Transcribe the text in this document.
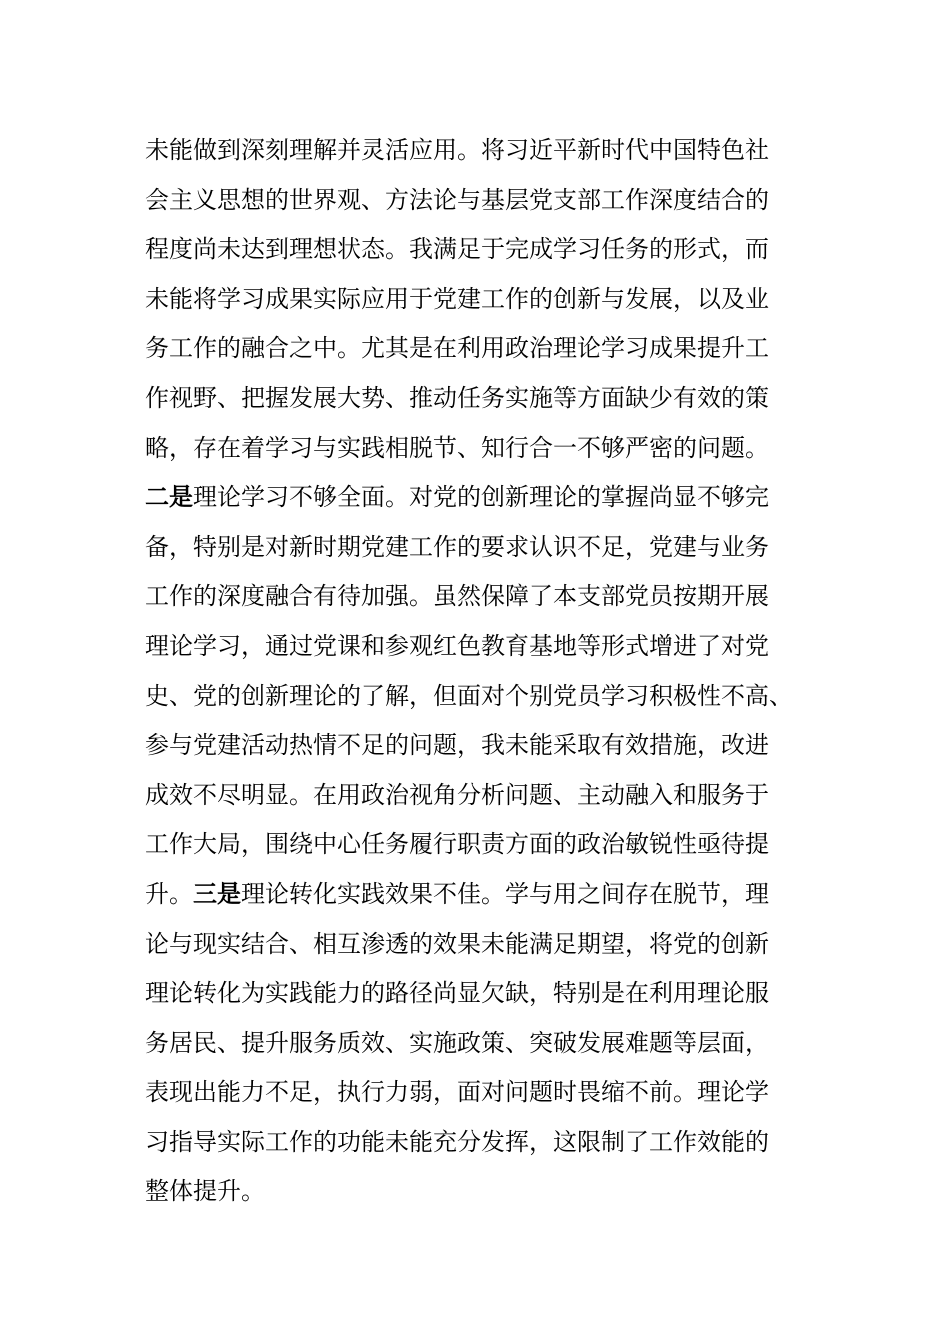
未能做到深刻理解并灵活应用。将习近平新时代中国特色社
会主义思想的世界观、方法论与基层党支部工作深度结合的
程度尚未达到理想状态。我满足于完成学习任务的形式，而
未能将学习成果实际应用于党建工作的创新与发展，以及业
务工作的融合之中。尤其是在利用政治理论学习成果提升工
作视野、把握发展大势、推动任务实施等方面缺少有效的策
略，存在着学习与实践相脱节、知行合一不够严密的问题。
二是理论学习不够全面。对党的创新理论的掌握尚显不够完
备，特别是对新时期党建工作的要求认识不足，党建与业务
工作的深度融合有待加强。虽然保障了本支部党员按期开展
理论学习，通过党课和参观红色教育基地等形式增进了对党
史、党的创新理论的了解，但面对个别党员学习积极性不高、
参与党建活动热情不足的问题，我未能采取有效措施，改进
成效不尽明显。在用政治视角分析问题、主动融入和服务于
工作大局，围绕中心任务履行职责方面的政治敏锐性亟待提
升。三是理论转化实践效果不佳。学与用之间存在脱节，理
论与现实结合、相互渗透的效果未能满足期望，将党的创新
理论转化为实践能力的路径尚显欠缺，特别是在利用理论服
务居民、提升服务质效、实施政策、突破发展难题等层面，
表现出能力不足，执行力弱，面对问题时畏缩不前。理论学
习指导实际工作的功能未能充分发挥，这限制了工作效能的
整体提升。
